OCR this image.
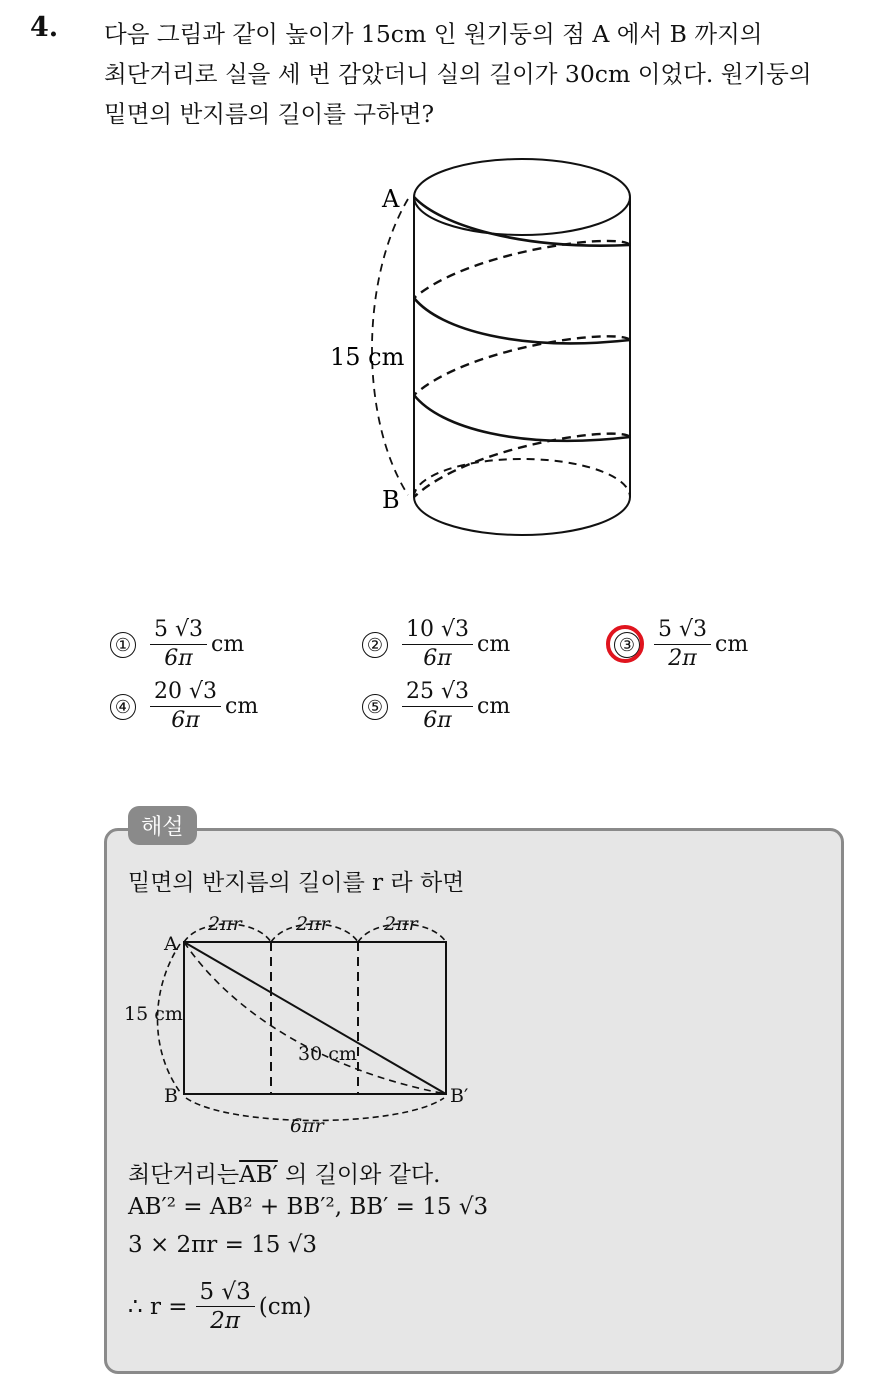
4. 다음 그림과 같이 높이가 15cm 인 원기둥의 점 A 에서 B 까지의
최단거리로 실을 세 번 감았더니 실의 길이가 30cm 이었다. 원기둥의
밑면의 반지름의 길이를 구하면?
A
B
15 cm
① $\frac{5 √3}{6\pi}$ cm	② $\frac{10 √3}{6\pi}$ cm	③ $\frac{5 √3}{2\pi}$ cm
④ $\frac{20 √3}{6\pi}$ cm	⑤ $\frac{25 √3}{6\pi}$ cm
해설
밑면의 반지름의 길이를 r 라 하면
2πr	2πr	2πr
A
B	B′
15 cm
30 cm
6πr
최단거리는AB′ 의 길이와 같다.
AB′² = AB² + BB′², BB′ = 15 √3
3 × 2πr = 15 √3
∴ $r = \frac{5 √3}{2\pi} (cm)$
